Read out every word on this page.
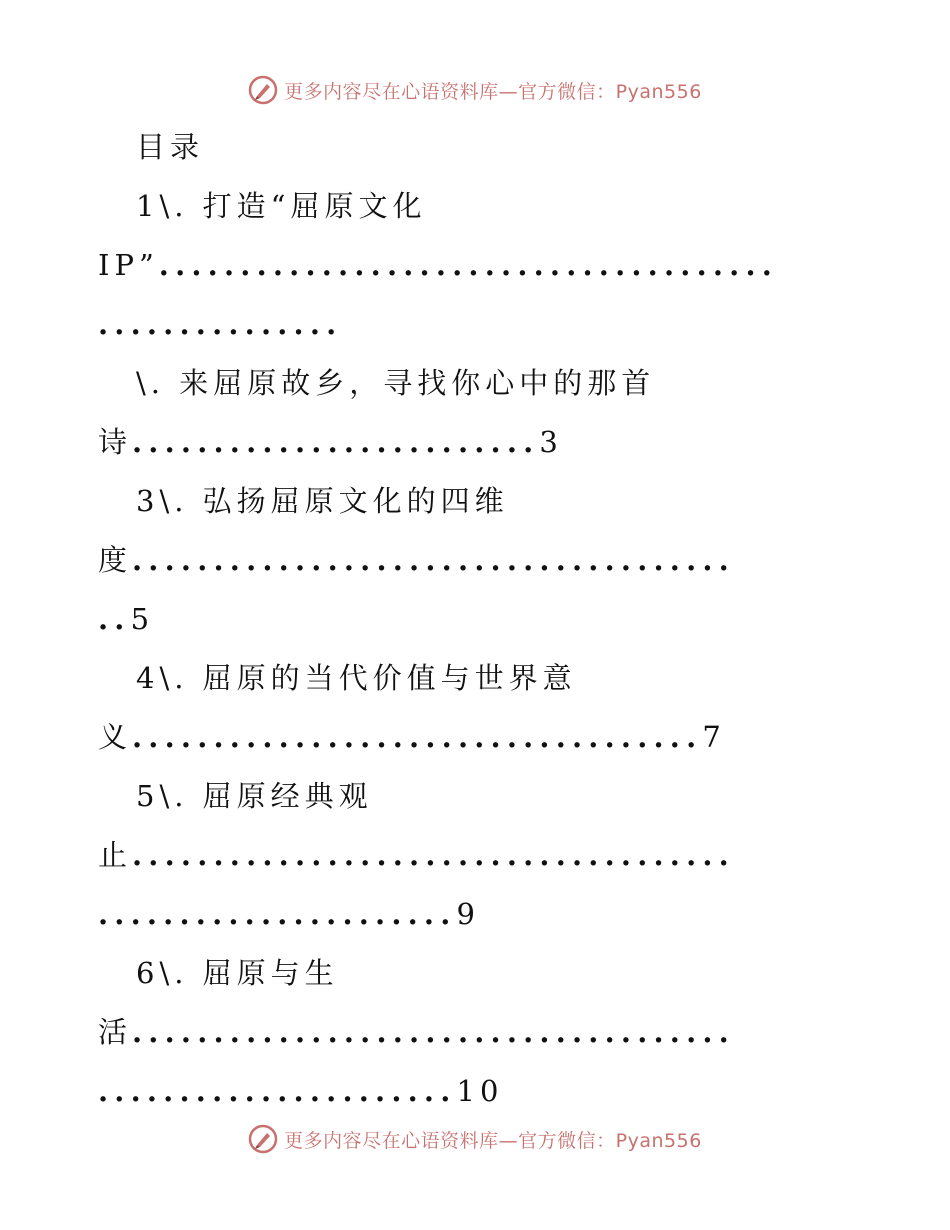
更多内容尽在心语资料库—官方微信：Pyan556
目录
1\. 打造“屈原文化
IP”......................................
...............
\. 来屈原故乡，寻找你心中的那首
诗.........................3
3\. 弘扬屈原文化的四维
度.....................................
..5
4\. 屈原的当代价值与世界意
义...................................7
5\. 屈原经典观
止.....................................
......................9
6\. 屈原与生
活.....................................
......................10
更多内容尽在心语资料库—官方微信：Pyan556
